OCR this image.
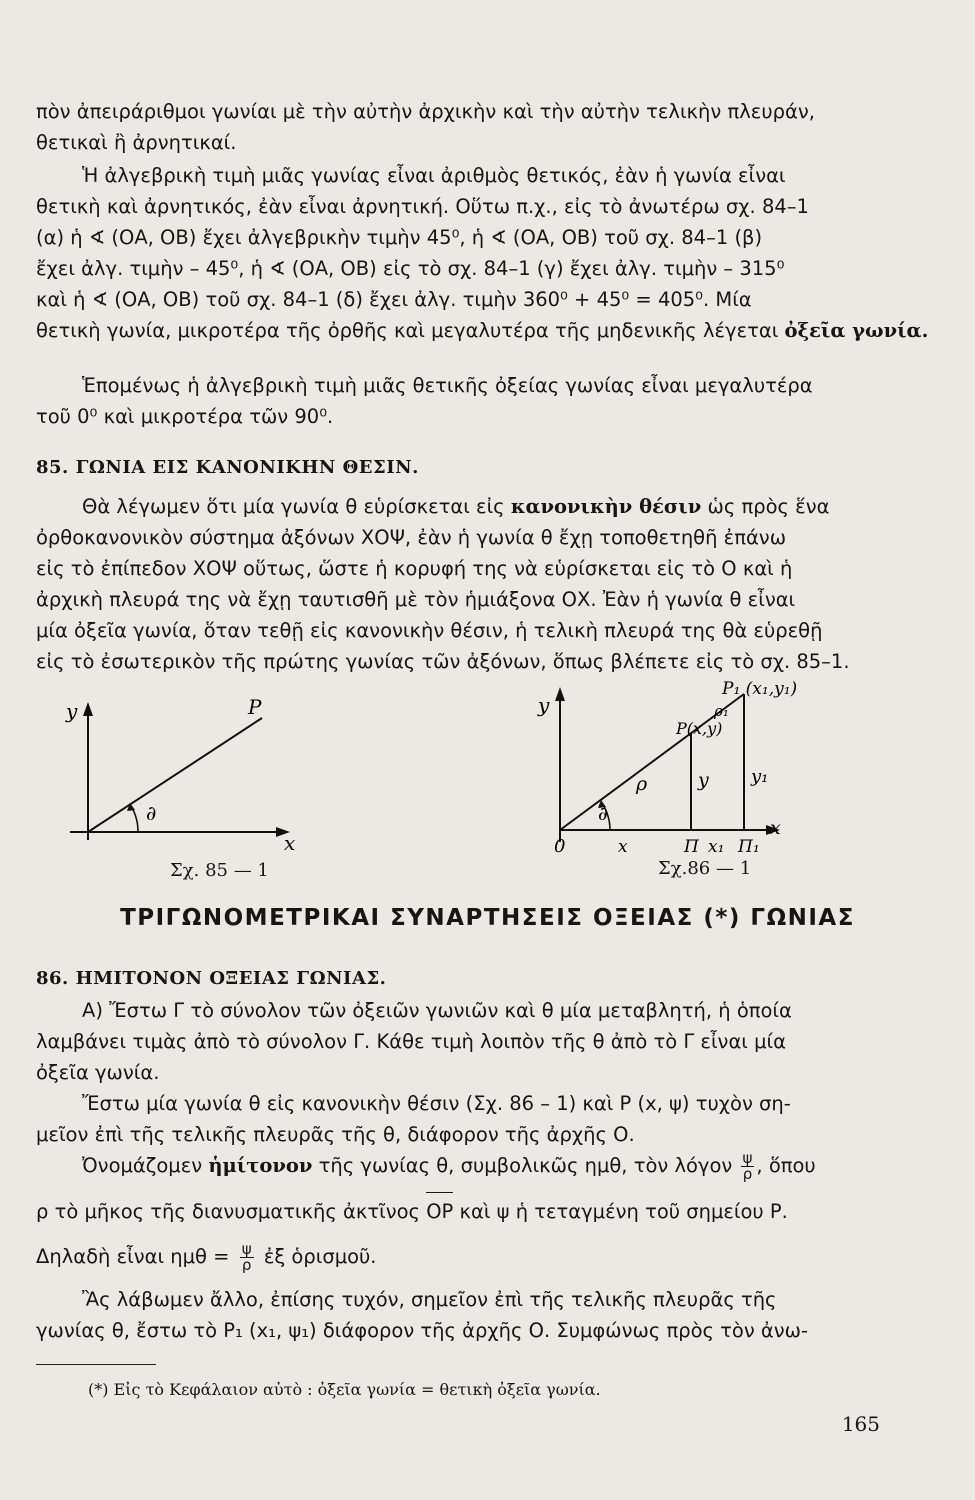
πὸν ἀπειράριθμοι γωνίαι μὲ τὴν αὐτὴν ἀρχικὴν καὶ τὴν αὐτὴν τελικὴν πλευράν,
θετικαὶ ἢ ἀρνητικαί.
Ἡ ἀλγεβρικὴ τιμὴ μιᾶς γωνίας εἶναι ἀριθμὸς θετικός, ἐὰν ἡ γωνία εἶναι
θετικὴ καὶ ἀρνητικός, ἐὰν εἶναι ἀρνητική. Οὕτω π.χ., εἰς τὸ ἀνωτέρω σχ. 84–1
(α) ἡ ∢ (ΟΑ, ΟΒ) ἔχει ἀλγεβρικὴν τιμὴν 45⁰, ἡ ∢ (ΟΑ, ΟΒ) τοῦ σχ. 84–1 (β)
ἔχει ἀλγ. τιμὴν – 45⁰, ἡ ∢ (ΟΑ, ΟΒ) εἰς τὸ σχ. 84–1 (γ) ἔχει ἀλγ. τιμὴν – 315⁰
καὶ ἡ ∢ (ΟΑ, ΟΒ) τοῦ σχ. 84–1 (δ) ἔχει ἀλγ. τιμὴν 360⁰ + 45⁰ = 405⁰. Μία
θετικὴ γωνία, μικροτέρα τῆς ὀρθῆς καὶ μεγαλυτέρα τῆς μηδενικῆς λέγεται ὀξεῖα γωνία.
Ἑπομένως ἡ ἀλγεβρικὴ τιμὴ μιᾶς θετικῆς ὀξείας γωνίας εἶναι μεγαλυτέρα
τοῦ 0⁰ καὶ μικροτέρα τῶν 90⁰.
85. ΓΩΝΙΑ ΕΙΣ ΚΑΝΟΝΙΚΗΝ ΘΕΣΙΝ.
Θὰ λέγωμεν ὅτι μία γωνία θ εὑρίσκεται εἰς κανονικὴν θέσιν ὡς πρὸς ἕνα
ὀρθοκανονικὸν σύστημα ἀξόνων ΧΟΨ, ἐὰν ἡ γωνία θ ἔχῃ τοποθετηθῆ ἐπάνω
εἰς τὸ ἐπίπεδον ΧΟΨ οὕτως, ὥστε ἡ κορυφή της νὰ εὑρίσκεται εἰς τὸ Ο καὶ ἡ
ἀρχικὴ πλευρά της νὰ ἔχῃ ταυτισθῆ μὲ τὸν ἡμιάξονα ΟΧ. Ἐὰν ἡ γωνία θ εἶναι
μία ὀξεῖα γωνία, ὅταν τεθῇ εἰς κανονικὴν θέσιν, ἡ τελικὴ πλευρά της θὰ εὑρεθῇ
εἰς τὸ ἐσωτερικὸν τῆς πρώτης γωνίας τῶν ἀξόνων, ὅπως βλέπετε εἰς τὸ σχ. 85–1.
y
x
P
∂
Σχ. 85 — 1
y
x
0
∂
P(x,y)
P₁ (x₁,y₁)
ρ
ρ₁
y y₁
x	Π x₁ Π₁
Σχ.86 — 1
ΤΡΙΓΩΝΟΜΕΤΡΙΚΑΙ ΣΥΝΑΡΤΗΣΕΙΣ ΟΞΕΙΑΣ (*) ΓΩΝΙΑΣ
86. ΗΜΙΤΟΝΟΝ ΟΞΕΙΑΣ ΓΩΝΙΑΣ.
Α) Ἔστω Γ τὸ σύνολον τῶν ὀξειῶν γωνιῶν καὶ θ μία μεταβλητή, ἡ ὁποία
λαμβάνει τιμὰς ἀπὸ τὸ σύνολον Γ. Κάθε τιμὴ λοιπὸν τῆς θ ἀπὸ τὸ Γ εἶναι μία
ὀξεῖα γωνία.
Ἔστω μία γωνία θ εἰς κανονικὴν θέσιν (Σχ. 86 – 1) καὶ Ρ (x, ψ) τυχὸν ση-
μεῖον ἐπὶ τῆς τελικῆς πλευρᾶς τῆς θ, διάφορον τῆς ἀρχῆς Ο.
Ὀνομάζομεν ἡμίτονον τῆς γωνίας θ, συμβολικῶς ημθ, τὸν λόγον $\frac{\psi}{\rho}$ , ὅπου
ρ τὸ μῆκος τῆς διανυσματικῆς ἀκτῖνος ΟΡ καὶ ψ ἡ τεταγμένη τοῦ σημείου Ρ.
Δηλαδὴ εἶναι $\eta\mu\theta = \frac{\psi}{\rho}$ ἐξ ὁρισμοῦ.
Ἂς λάβωμεν ἄλλο, ἐπίσης τυχόν, σημεῖον ἐπὶ τῆς τελικῆς πλευρᾶς τῆς
γωνίας θ, ἔστω τὸ Ρ₁ (x₁, ψ₁) διάφορον τῆς ἀρχῆς Ο. Συμφώνως πρὸς τὸν ἀνω-
(*) Εἰς τὸ Κεφάλαιον αὐτὸ : ὀξεῖα γωνία = θετικὴ ὀξεῖα γωνία.
165
